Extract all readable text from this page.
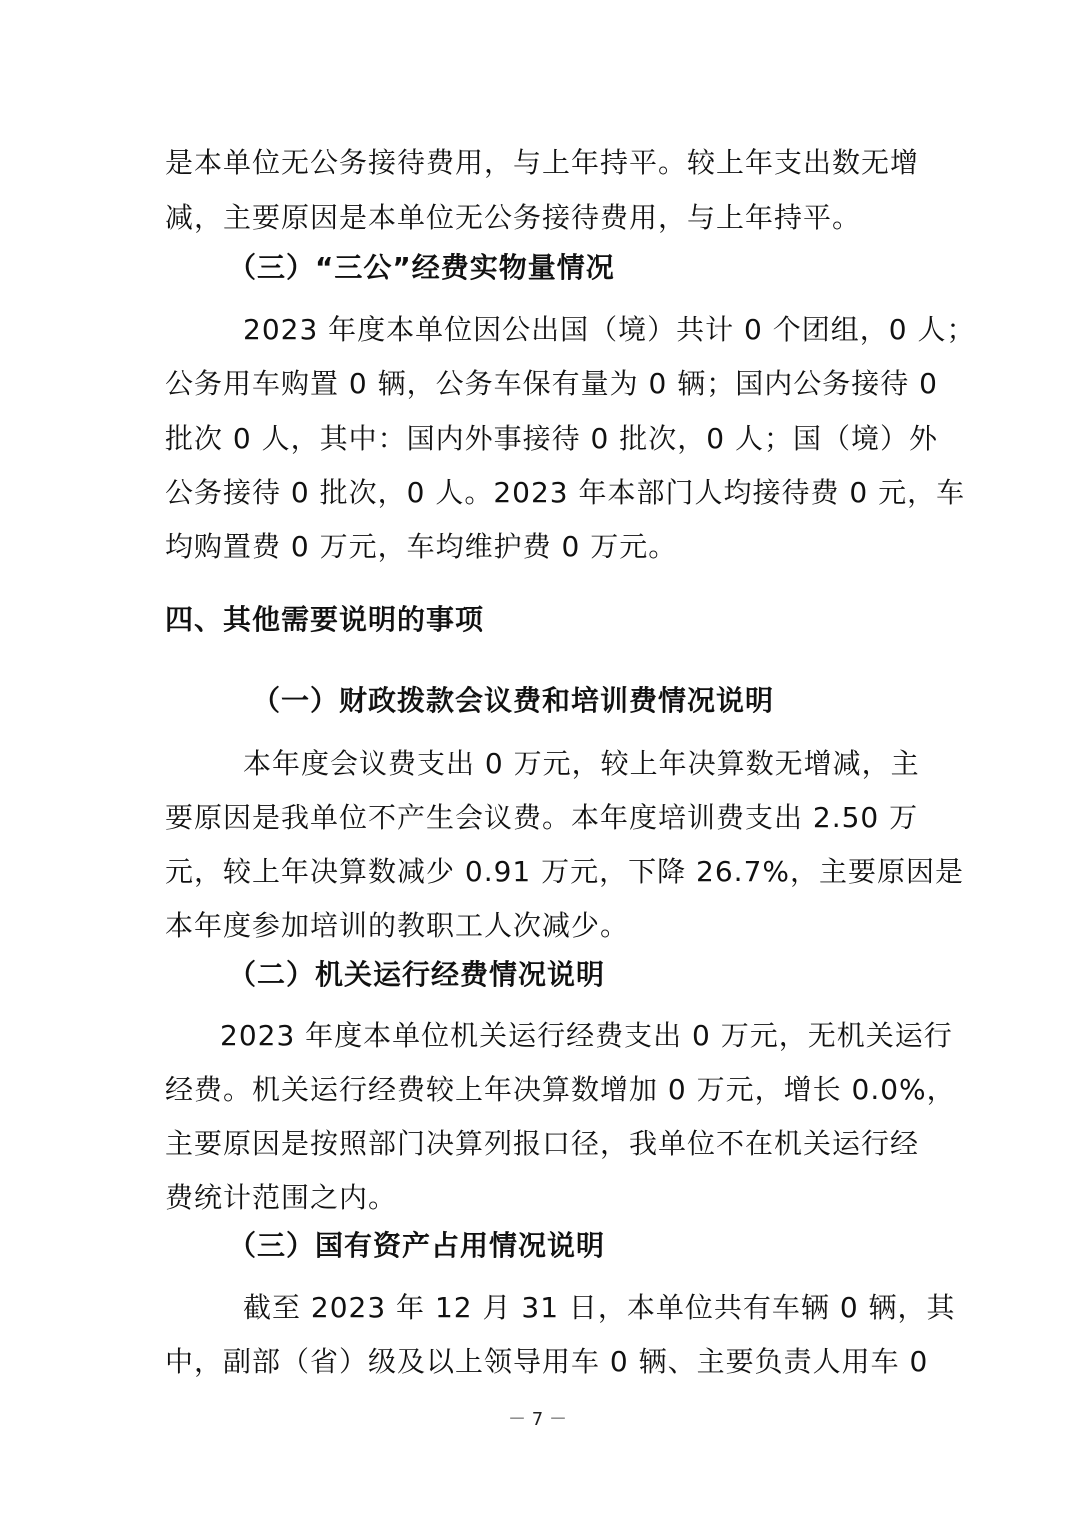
是本单位无公务接待费用，与上年持平。较上年支出数无增
减，主要原因是本单位无公务接待费用，与上年持平。
（三）“三公”经费实物量情况
2023 年度本单位因公出国（境）共计 0 个团组，0 人；
公务用车购置 0 辆，公务车保有量为 0 辆；国内公务接待 0
批次 0 人，其中：国内外事接待 0 批次，0 人；国（境）外
公务接待 0 批次，0 人。2023 年本部门人均接待费 0 元，车
均购置费 0 万元，车均维护费 0 万元。
四、其他需要说明的事项
（一）财政拨款会议费和培训费情况说明
本年度会议费支出 0 万元，较上年决算数无增减，主
要原因是我单位不产生会议费。本年度培训费支出 2.50 万
元，较上年决算数减少 0.91 万元，下降 26.7%，主要原因是
本年度参加培训的教职工人次减少。
（二）机关运行经费情况说明
2023 年度本单位机关运行经费支出 0 万元，无机关运行
经费。机关运行经费较上年决算数增加 0 万元，增长 0.0%，
主要原因是按照部门决算列报口径，我单位不在机关运行经
费统计范围之内。
（三）国有资产占用情况说明
截至 2023 年 12 月 31 日，本单位共有车辆 0 辆，其
中，副部（省）级及以上领导用车 0 辆、主要负责人用车 0
－ 7 －
